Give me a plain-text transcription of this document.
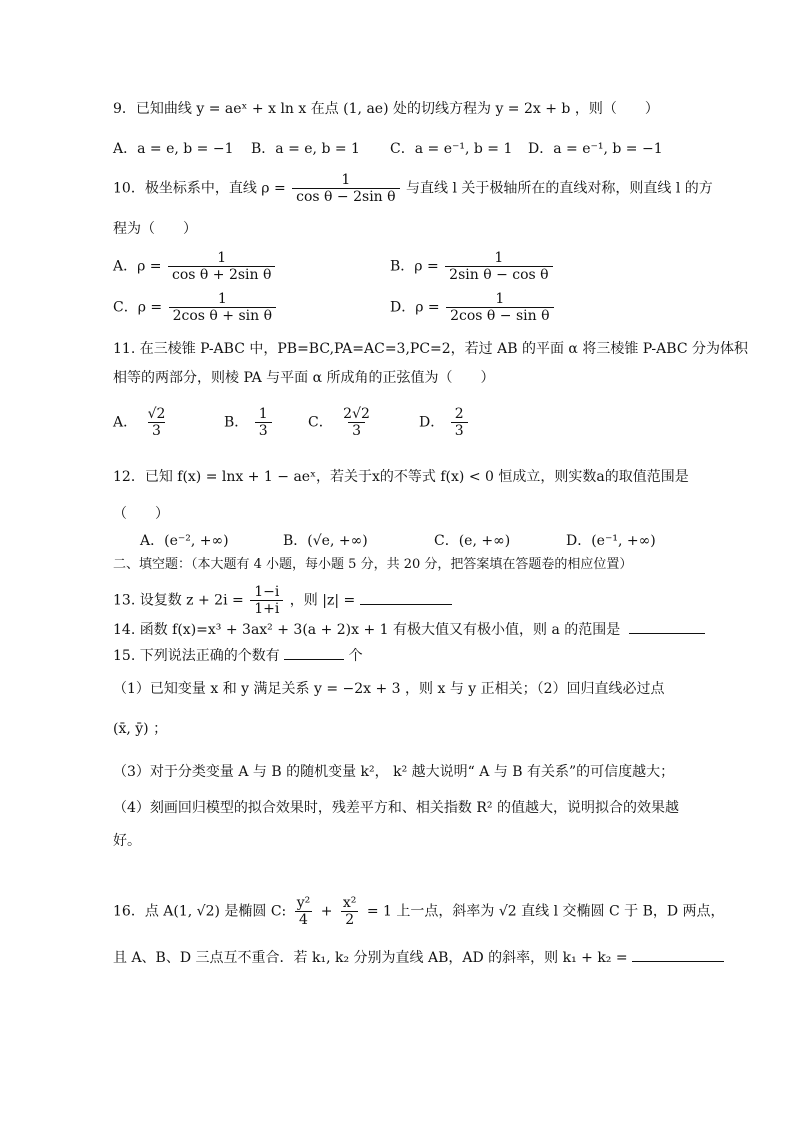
9．已知曲线 y = aeˣ + x ln x 在点 (1, ae) 处的切线方程为 y = 2x + b ，则（　　）
A．a = e, b = −1 B．a = e, b = 1 C．a = e⁻¹, b = 1 D．a = e⁻¹, b = −1
10．极坐标系中，直线 $\rho = \frac{1}{\text{cos θ − 2sin θ}}$ 与直线 l 关于极轴所在的直线对称，则直线 l 的方
程为（　　）
A．$\rho = \frac{1}{\text{cos θ + 2sin θ}}$	B．$\rho = \frac{1}{\text{2sin θ − cos θ}}$
C．$\rho = \frac{1}{\text{2cos θ + sin θ}}$	D．$\rho = \frac{1}{\text{2cos θ − sin θ}}$
11. 在三棱锥 P-ABC 中，PB=BC,PA=AC=3,PC=2，若过 AB 的平面 α 将三棱锥 P-ABC 分为体积
相等的两部分，则棱 PA 与平面 α 所成角的正弦值为（　　）
A． $\frac{√2}{3}$	B． $\frac{1}{3}$	C． $\frac{2√2}{3}$	D． $\frac{2}{3}$
12．已知 f(x) = lnx + 1 − aeˣ，若关于x的不等式 f(x) < 0 恒成立，则实数a的取值范围是
（　　）
A．(e⁻², +∞)	B．(√e, +∞)	C．(e, +∞)	D．(e⁻¹, +∞)
二、填空题：（本大题有 4 小题，每小题 5 分，共 20 分，把答案填在答题卷的相应位置）
13. 设复数 $z + 2i = \frac{1-i}{1+i}$ ，则 |z| =
14. 函数 f(x)=x³ + 3ax² + 3(a + 2)x + 1 有极大值又有极小值，则 a 的范围是
15. 下列说法正确的个数有	个
（1）已知变量 x 和 y 满足关系 y = −2x + 3 ，则 x 与 y 正相关；（2）回归直线必过点
(x̄, ȳ) ；
（3）对于分类变量 A 与 B 的随机变量 k²， k² 越大说明“ A 与 B 有关系”的可信度越大；
（4）刻画回归模型的拟合效果时，残差平方和、相关指数 R² 的值越大，说明拟合的效果越
好。
16．点 A(1, √2) 是椭圆 C: $\frac{\text{y²}}{4} + \frac{\text{x²}}{2} = 1$ 上一点，斜率为 √2 直线 l 交椭圆 C 于 B，D 两点，
且 A、B、D 三点互不重合．若 k₁, k₂ 分别为直线 AB，AD 的斜率，则 k₁ + k₂ =
